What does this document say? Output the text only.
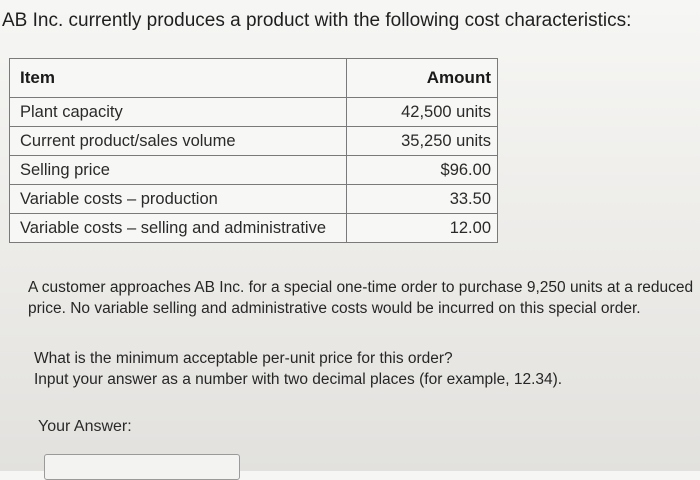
AB Inc. currently produces a product with the following cost characteristics:
Item	Amount
Plant capacity	42,500 units
Current product/sales volume	35,250 units
Selling price	$96.00
Variable costs – production	33.50
Variable costs – selling and administrative	12.00
A customer approaches AB Inc. for a special one-time order to purchase 9,250 units at a reduced price. No variable selling and administrative costs would be incurred on this special order.
What is the minimum acceptable per-unit price for this order?
Input your answer as a number with two decimal places (for example, 12.34).
Your Answer:
